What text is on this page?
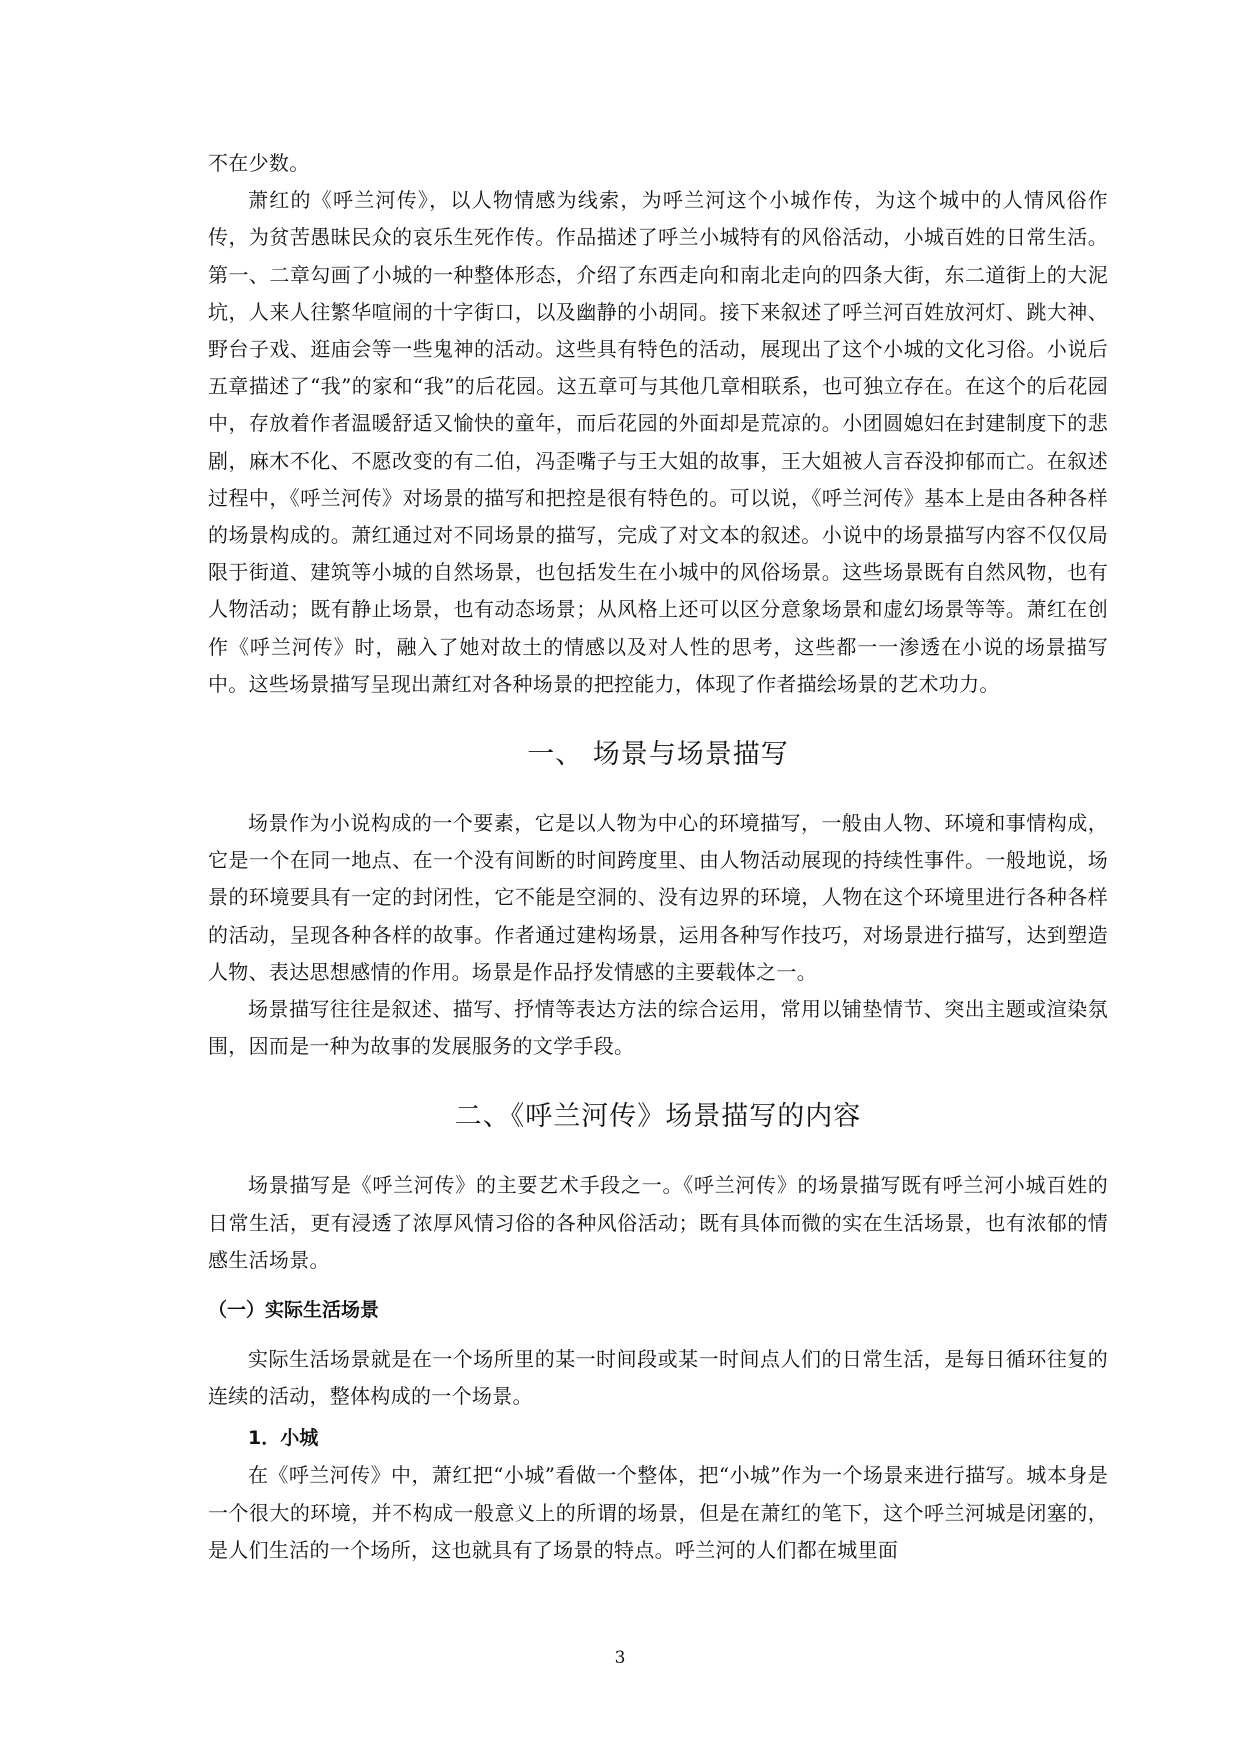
不在少数。

萧红的《呼兰河传》，以人物情感为线索，为呼兰河这个小城作传，为这个城中的人情风俗作传，为贫苦愚昧民众的哀乐生死作传。作品描述了呼兰小城特有的风俗活动，小城百姓的日常生活。第一、二章勾画了小城的一种整体形态，介绍了东西走向和南北走向的四条大街，东二道街上的大泥坑，人来人往繁华喧闹的十字街口，以及幽静的小胡同。接下来叙述了呼兰河百姓放河灯、跳大神、野台子戏、逛庙会等一些鬼神的活动。这些具有特色的活动，展现出了这个小城的文化习俗。小说后五章描述了“我”的家和“我”的后花园。这五章可与其他几章相联系，也可独立存在。在这个的后花园中，存放着作者温暖舒适又愉快的童年，而后花园的外面却是荒凉的。小团圆媳妇在封建制度下的悲剧，麻木不化、不愿改变的有二伯，冯歪嘴子与王大姐的故事，王大姐被人言吞没抑郁而亡。在叙述过程中，《呼兰河传》对场景的描写和把控是很有特色的。可以说，《呼兰河传》基本上是由各种各样的场景构成的。萧红通过对不同场景的描写，完成了对文本的叙述。小说中的场景描写内容不仅仅局限于街道、建筑等小城的自然场景，也包括发生在小城中的风俗场景。这些场景既有自然风物，也有人物活动；既有静止场景，也有动态场景；从风格上还可以区分意象场景和虚幻场景等等。萧红在创作《呼兰河传》时，融入了她对故土的情感以及对人性的思考，这些都一一渗透在小说的场景描写中。这些场景描写呈现出萧红对各种场景的把控能力，体现了作者描绘场景的艺术功力。

一、 场景与场景描写

场景作为小说构成的一个要素，它是以人物为中心的环境描写，一般由人物、环境和事情构成，它是一个在同一地点、在一个没有间断的时间跨度里、由人物活动展现的持续性事件。一般地说，场景的环境要具有一定的封闭性，它不能是空洞的、没有边界的环境，人物在这个环境里进行各种各样的活动，呈现各种各样的故事。作者通过建构场景，运用各种写作技巧，对场景进行描写，达到塑造人物、表达思想感情的作用。场景是作品抒发情感的主要载体之一。

场景描写往往是叙述、描写、抒情等表达方法的综合运用，常用以铺垫情节、突出主题或渲染氛围，因而是一种为故事的发展服务的文学手段。

二、《呼兰河传》场景描写的内容

场景描写是《呼兰河传》的主要艺术手段之一。《呼兰河传》的场景描写既有呼兰河小城百姓的日常生活，更有浸透了浓厚风情习俗的各种风俗活动；既有具体而微的实在生活场景，也有浓郁的情感生活场景。

（一）实际生活场景

实际生活场景就是在一个场所里的某一时间段或某一时间点人们的日常生活，是每日循环往复的连续的活动，整体构成的一个场景。

1．小城

在《呼兰河传》中，萧红把“小城”看做一个整体，把“小城”作为一个场景来进行描写。城本身是一个很大的环境，并不构成一般意义上的所谓的场景，但是在萧红的笔下，这个呼兰河城是闭塞的，是人们生活的一个场所，这也就具有了场景的特点。呼兰河的人们都在城里面

3
